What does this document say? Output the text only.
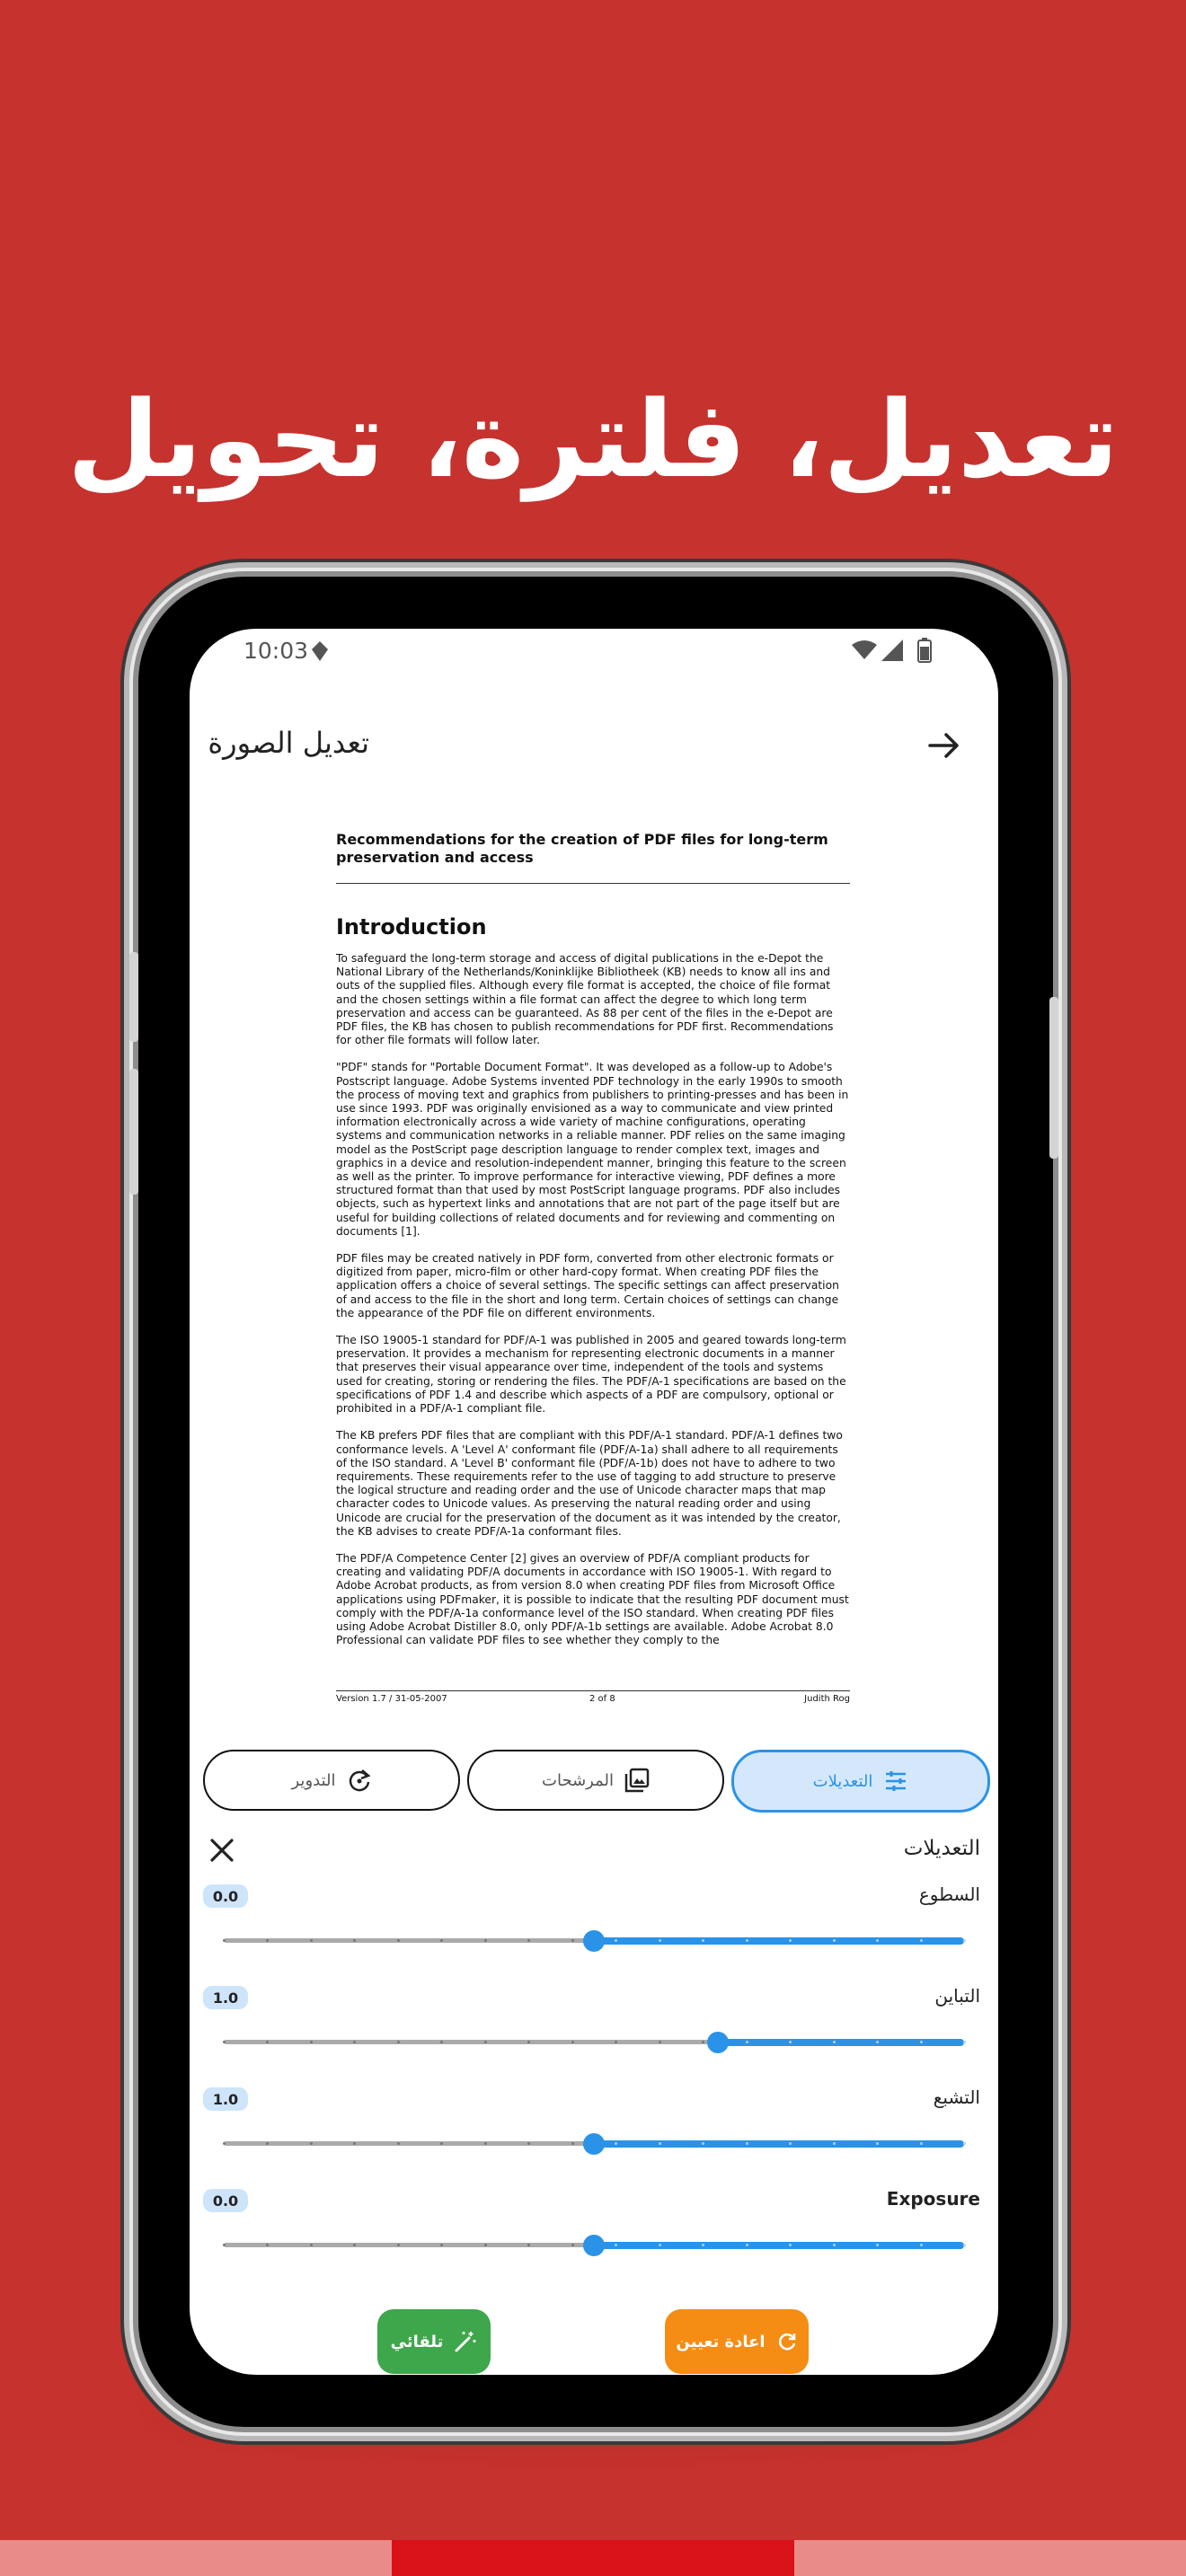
تعديل، فلترة، تحويل
10:03
تعديل الصورة
Recommendations for the creation of PDF files for long-term
preservation and access
Introduction

To safeguard the long-term storage and access of digital publications in the e-Depot the National Library of the Netherlands/Koninklijke Bibliotheek (KB) needs to know all ins and outs of the supplied files. Although every file format is accepted, the choice of file format and the chosen settings within a file format can affect the degree to which long term preservation and access can be guaranteed. As 88 per cent of the files in the e-Depot are PDF files, the KB has chosen to publish recommendations for PDF first. Recommendations for other file formats will follow later.

"PDF" stands for "Portable Document Format". It was developed as a follow-up to Adobe's Postscript language. Adobe Systems invented PDF technology in the early 1990s to smooth the process of moving text and graphics from publishers to printing-presses and has been in use since 1993. PDF was originally envisioned as a way to communicate and view printed information electronically across a wide variety of machine configurations, operating systems and communication networks in a reliable manner. PDF relies on the same imaging model as the PostScript page description language to render complex text, images and graphics in a device and resolution-independent manner, bringing this feature to the screen as well as the printer. To improve performance for interactive viewing, PDF defines a more structured format than that used by most PostScript language programs. PDF also includes objects, such as hypertext links and annotations that are not part of the page itself but are useful for building collections of related documents and for reviewing and commenting on documents [1].

PDF files may be created natively in PDF form, converted from other electronic formats or digitized from paper, micro-film or other hard-copy format. When creating PDF files the application offers a choice of several settings. The specific settings can affect preservation of and access to the file in the short and long term. Certain choices of settings can change the appearance of the PDF file on different environments.

The ISO 19005-1 standard for PDF/A-1 was published in 2005 and geared towards long-term preservation. It provides a mechanism for representing electronic documents in a manner that preserves their visual appearance over time, independent of the tools and systems used for creating, storing or rendering the files. The PDF/A-1 specifications are based on the specifications of PDF 1.4 and describe which aspects of a PDF are compulsory, optional or prohibited in a PDF/A-1 compliant file.

The KB prefers PDF files that are compliant with this PDF/A-1 standard. PDF/A-1 defines two conformance levels. A 'Level A' conformant file (PDF/A-1a) shall adhere to all requirements of the ISO standard. A 'Level B' conformant file (PDF/A-1b) does not have to adhere to two requirements. These requirements refer to the use of tagging to add structure to preserve the logical structure and reading order and the use of Unicode character maps that map character codes to Unicode values. As preserving the natural reading order and using Unicode are crucial for the preservation of the document as it was intended by the creator, the KB advises to create PDF/A-1a conformant files.

The PDF/A Competence Center [2] gives an overview of PDF/A compliant products for creating and validating PDF/A documents in accordance with ISO 19005-1. With regard to Adobe Acrobat products, as from version 8.0 when creating PDF files from Microsoft Office applications using PDFmaker, it is possible to indicate that the resulting PDF document must comply with the PDF/A-1a conformance level of the ISO standard. When creating PDF files using Adobe Acrobat Distiller 8.0, only PDF/A-1b settings are available. Adobe Acrobat 8.0 Professional can validate PDF files to see whether they comply to the

Version 1.7 / 31-05-2007	2 of 8	Judith Rog
التعديلات
المرشحات
التدوير
التعديلات
السطوع
0.0
التباين
1.0
التشبع
1.0
Exposure
0.0
اعادة تعيين
تلقائي
